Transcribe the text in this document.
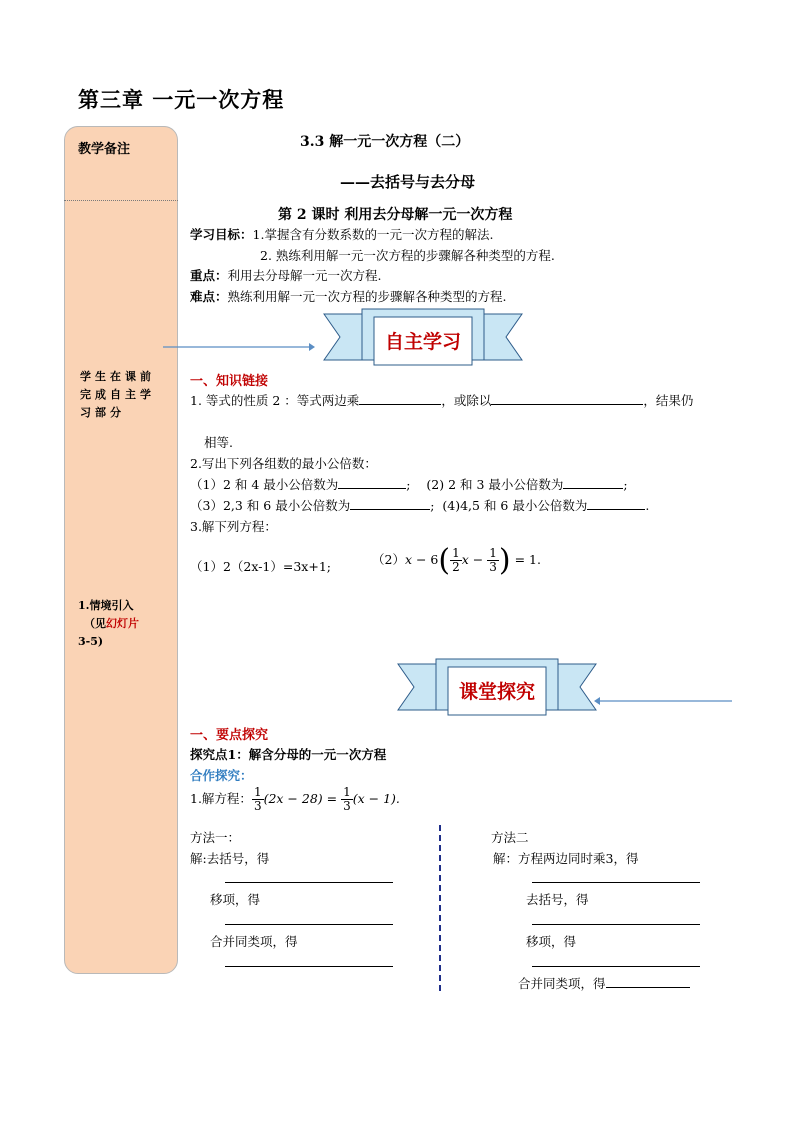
第三章 一元一次方程
教学备注
学生在课前完成自主学习部分
1.情境引入
（见幻灯片
3-5)
3.3 解一元一次方程（二）
——去括号与去分母
第 2 课时 利用去分母解一元一次方程
学习目标：1.掌握含有分数系数的一元一次方程的解法.
2. 熟练利用解一元一次方程的步骤解各种类型的方程.
重点：利用去分母解一元一次方程.
难点：熟练利用解一元一次方程的步骤解各种类型的方程.
自主学习
一、知识链接
1. 等式的性质 2 ：等式两边乘	，或除以	，结果仍
相等.
2.写出下列各组数的最小公倍数：
（1）2 和 4 最小公倍数为	;    (2) 2 和 3 最小公倍数为	;
（3）2,3 和 6 最小公倍数为	;  (4)4,5 和 6 最小公倍数为	.
3.解下列方程：
（1）2（2x-1）=3x+1;	$(2)x - 6( \frac{1}{2}$ $x - \frac{1}{3}$ ) = 1.
课堂探究
一、要点探究
探究点1：解含分母的一元一次方程
合作探究：
1.解方程： $\frac{1}{3} (2x - 28) = \frac{1}{3} (x - 1)$.
方法一：
解:去括号，得
移项，得
合并同类项，得
方法二
解：方程两边同时乘3，得
去括号，得
移项，得
合并同类项，得
